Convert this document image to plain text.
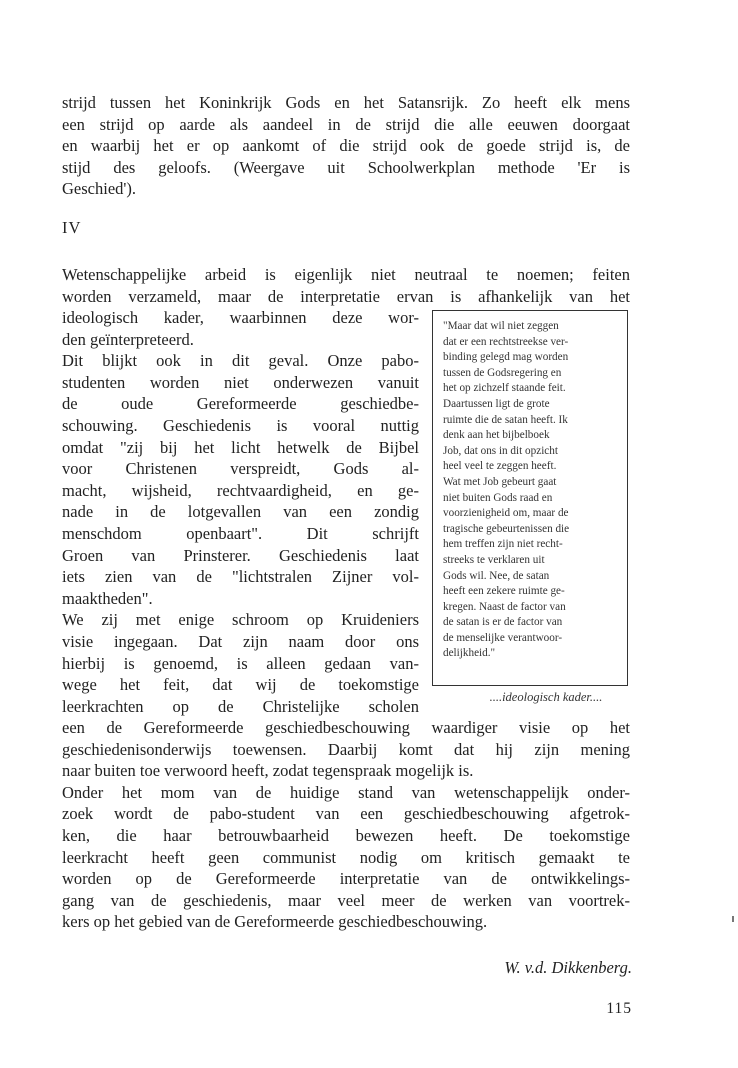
strijd tussen het Koninkrijk Gods en het Satansrijk. Zo heeft elk mens
een strijd op aarde als aandeel in de strijd die alle eeuwen doorgaat
en waarbij het er op aankomt of die strijd ook de goede strijd is, de
stijd des geloofs. (Weergave uit Schoolwerkplan methode 'Er is
Geschied').

IV

Wetenschappelijke arbeid is eigenlijk niet neutraal te noemen; feiten
worden verzameld, maar de interpretatie ervan is afhankelijk van het

ideologisch kader, waarbinnen deze wor-
den geïnterpreteerd.
Dit blijkt ook in dit geval. Onze pabo-
studenten worden niet onderwezen vanuit
de oude Gereformeerde geschiedbe-
schouwing. Geschiedenis is vooral nuttig
omdat "zij bij het licht hetwelk de Bijbel
voor Christenen verspreidt, Gods al-
macht, wijsheid, rechtvaardigheid, en ge-
nade in de lotgevallen van een zondig
menschdom openbaart". Dit schrijft
Groen van Prinsterer. Geschiedenis laat
iets zien van de "lichtstralen Zijner vol-
maaktheden".
We zij met enige schroom op Kruideniers
visie ingegaan. Dat zijn naam door ons
hierbij is genoemd, is alleen gedaan van-
wege het feit, dat wij de toekomstige
leerkrachten op de Christelijke scholen

"Maar dat wil niet zeggen
dat er een rechtstreekse ver-
binding gelegd mag worden
tussen de Godsregering en
het op zichzelf staande feit.
Daartussen ligt de grote
ruimte die de satan heeft. Ik
denk aan het bijbelboek
Job, dat ons in dit opzicht
heel veel te zeggen heeft.
Wat met Job gebeurt gaat
niet buiten Gods raad en
voorzienigheid om, maar de
tragische gebeurtenissen die
hem treffen zijn niet recht-
streeks te verklaren uit
Gods wil. Nee, de satan
heeft een zekere ruimte ge-
kregen. Naast de factor van
de satan is er de factor van
de menselijke verantwoor-
delijkheid."

....ideologisch kader....

een de Gereformeerde geschiedbeschouwing waardiger visie op het
geschiedenisonderwijs toewensen. Daarbij komt dat hij zijn mening
naar buiten toe verwoord heeft, zodat tegenspraak mogelijk is.
Onder het mom van de huidige stand van wetenschappelijk onder-
zoek wordt de pabo-student van een geschiedbeschouwing afgetrok-
ken, die haar betrouwbaarheid bewezen heeft. De toekomstige
leerkracht heeft geen communist nodig om kritisch gemaakt te
worden op de Gereformeerde interpretatie van de ontwikkelings-
gang van de geschiedenis, maar veel meer de werken van voortrek-
kers op het gebied van de Gereformeerde geschiedbeschouwing.

W. v.d. Dikkenberg.

115
